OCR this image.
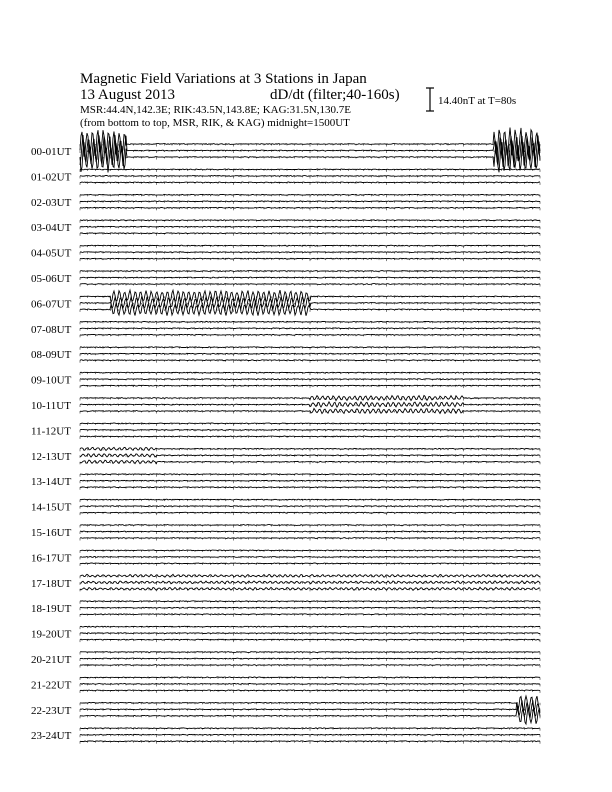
Magnetic Field Variations at 3 Stations in Japan
13 August 2013	dD/dt (filter;40-160s)
MSR:44.4N,142.3E; RIK:43.5N,143.8E; KAG:31.5N,130.7E
(from bottom to top, MSR, RIK, & KAG) midnight=1500UT
14.40nT at T=80s
00-01UT
01-02UT
02-03UT
03-04UT
04-05UT
05-06UT
06-07UT
07-08UT
08-09UT
09-10UT
10-11UT
11-12UT
12-13UT
13-14UT
14-15UT
15-16UT
16-17UT
17-18UT
18-19UT
19-20UT
20-21UT
21-22UT
22-23UT
23-24UT
